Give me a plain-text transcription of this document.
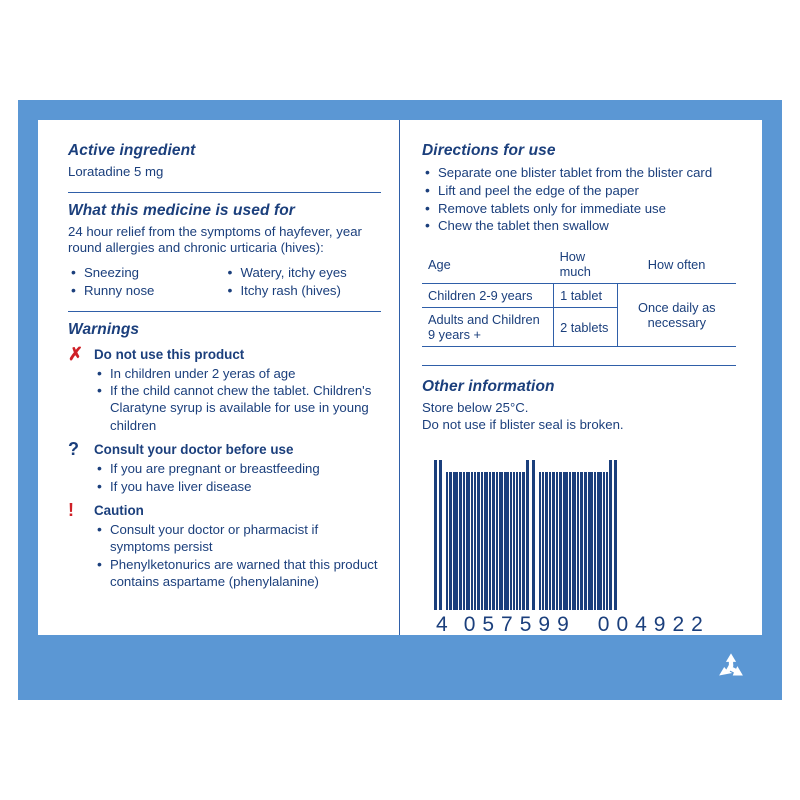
Active ingredient

Loratadine 5 mg

What this medicine is used for

24 hour relief from the symptoms of hayfever, year round allergies and chronic urticaria (hives):

• Sneezing
• Runny nose
• Watery, itchy eyes
• Itchy rash (hives)
Warnings
✗ Do not use this product

• In children under 2 yeras of age
• If the child cannot chew the tablet. Children's Claratyne syrup is available for use in young children
? Consult your doctor before use

• If you are pregnant or breastfeeding
• If you have liver disease
! Caution

• Consult your doctor or pharmacist if symptoms persist
• Phenylketonurics are warned that this product contains aspartame (phenylalanine)
Directions for use
• Separate one blister tablet from the blister card
• Lift and peel the edge of the paper
• Remove tablets only for immediate use
• Chew the tablet then swallow
Age	How much	How often
Children 2-9 years	1 tablet	Once daily as necessary
Adults and Children 9 years +	2 tablets	
Other information

Store below 25°C.

Do not use if blister seal is broken.

4 057599 004922
